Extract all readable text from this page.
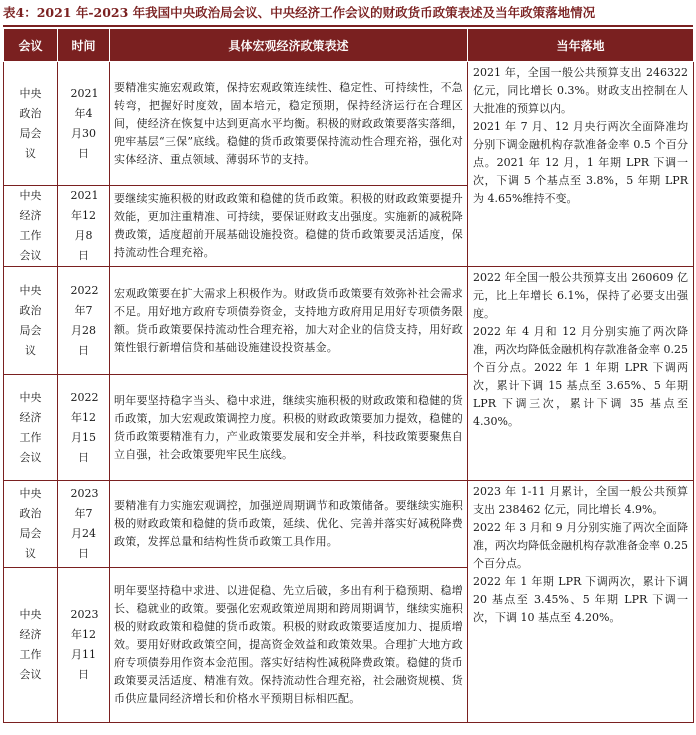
表4：2021 年-2023 年我国中央政治局会议、中央经济工作会议的财政货币政策表述及当年政策落地情况
会议	时间	具体宏观经济政策表述	当年落地
中央政治局会议	2021年4月30日	要精准实施宏观政策，保持宏观政策连续性、稳定性、可持续性，不急转弯，把握好时度效，固本培元，稳定预期，保持经济运行在合理区间，使经济在恢复中达到更高水平均衡。积极的财政政策要落实落细，兜牢基层“三保”底线。稳健的货币政策要保持流动性合理充裕，强化对实体经济、重点领域、薄弱环节的支持。	2021 年，全国一般公共预算支出 246322 亿元，同比增长 0.3%。财政支出控制在人大批准的预算以内。

2021 年 7 月、12 月央行两次全面降准均分别下调金融机构存款准备金率 0.5 个百分点。2021 年 12 月，1 年期 LPR 下调一次，下调 5 个基点至 3.8%，5 年期 LPR 为 4.65%维持不变。

中央经济工作会议	2021年12月8日	要继续实施积极的财政政策和稳健的货币政策。积极的财政政策要提升效能，更加注重精准、可持续，要保证财政支出强度。实施新的减税降费政策，适度超前开展基础设施投资。稳健的货币政策要灵活适度，保持流动性合理充裕。	
中央政治局会议	2022年7月28日	宏观政策要在扩大需求上积极作为。财政货币政策要有效弥补社会需求不足。用好地方政府专项债券资金，支持地方政府用足用好专项债务限额。货币政策要保持流动性合理充裕，加大对企业的信贷支持，用好政策性银行新增信贷和基础设施建设投资基金。	2022 年全国一般公共预算支出 260609 亿元，比上年增长 6.1%，保持了必要支出强度。

2022 年 4 月和 12 月分别实施了两次降准，两次均降低金融机构存款准备金率 0.25 个百分点。2022 年 1 年期 LPR 下调两次，累计下调 15 基点至 3.65%、5 年期 LPR 下调三次，累计下调 35 基点至 4.30%。

中央经济工作会议	2022年12月15日	明年要坚持稳字当头、稳中求进，继续实施积极的财政政策和稳健的货币政策，加大宏观政策调控力度。积极的财政政策要加力提效，稳健的货币政策要精准有力，产业政策要发展和安全并举，科技政策要聚焦自立自强，社会政策要兜牢民生底线。	
中央政治局会议	2023年7月24日	要精准有力实施宏观调控，加强逆周期调节和政策储备。要继续实施积极的财政政策和稳健的货币政策，延续、优化、完善并落实好减税降费政策，发挥总量和结构性货币政策工具作用。	2023 年 1-11 月累计，全国一般公共预算支出 238462 亿元，同比增长 4.9%。

2022 年 3 月和 9 月分别实施了两次全面降准，两次均降低金融机构存款准备金率 0.25 个百分点。

2022 年 1 年期 LPR 下调两次，累计下调 20 基点至 3.45%、5 年期 LPR 下调一次，下调 10 基点至 4.20%。

中央经济工作会议	2023年12月11日	明年要坚持稳中求进、以进促稳、先立后破，多出有利于稳预期、稳增长、稳就业的政策。要强化宏观政策逆周期和跨周期调节，继续实施积极的财政政策和稳健的货币政策。积极的财政政策要适度加力、提质增效。要用好财政政策空间，提高资金效益和政策效果。合理扩大地方政府专项债券用作资本金范围。落实好结构性减税降费政策。稳健的货币政策要灵活适度、精准有效。保持流动性合理充裕，社会融资规模、货币供应量同经济增长和价格水平预期目标相匹配。	
